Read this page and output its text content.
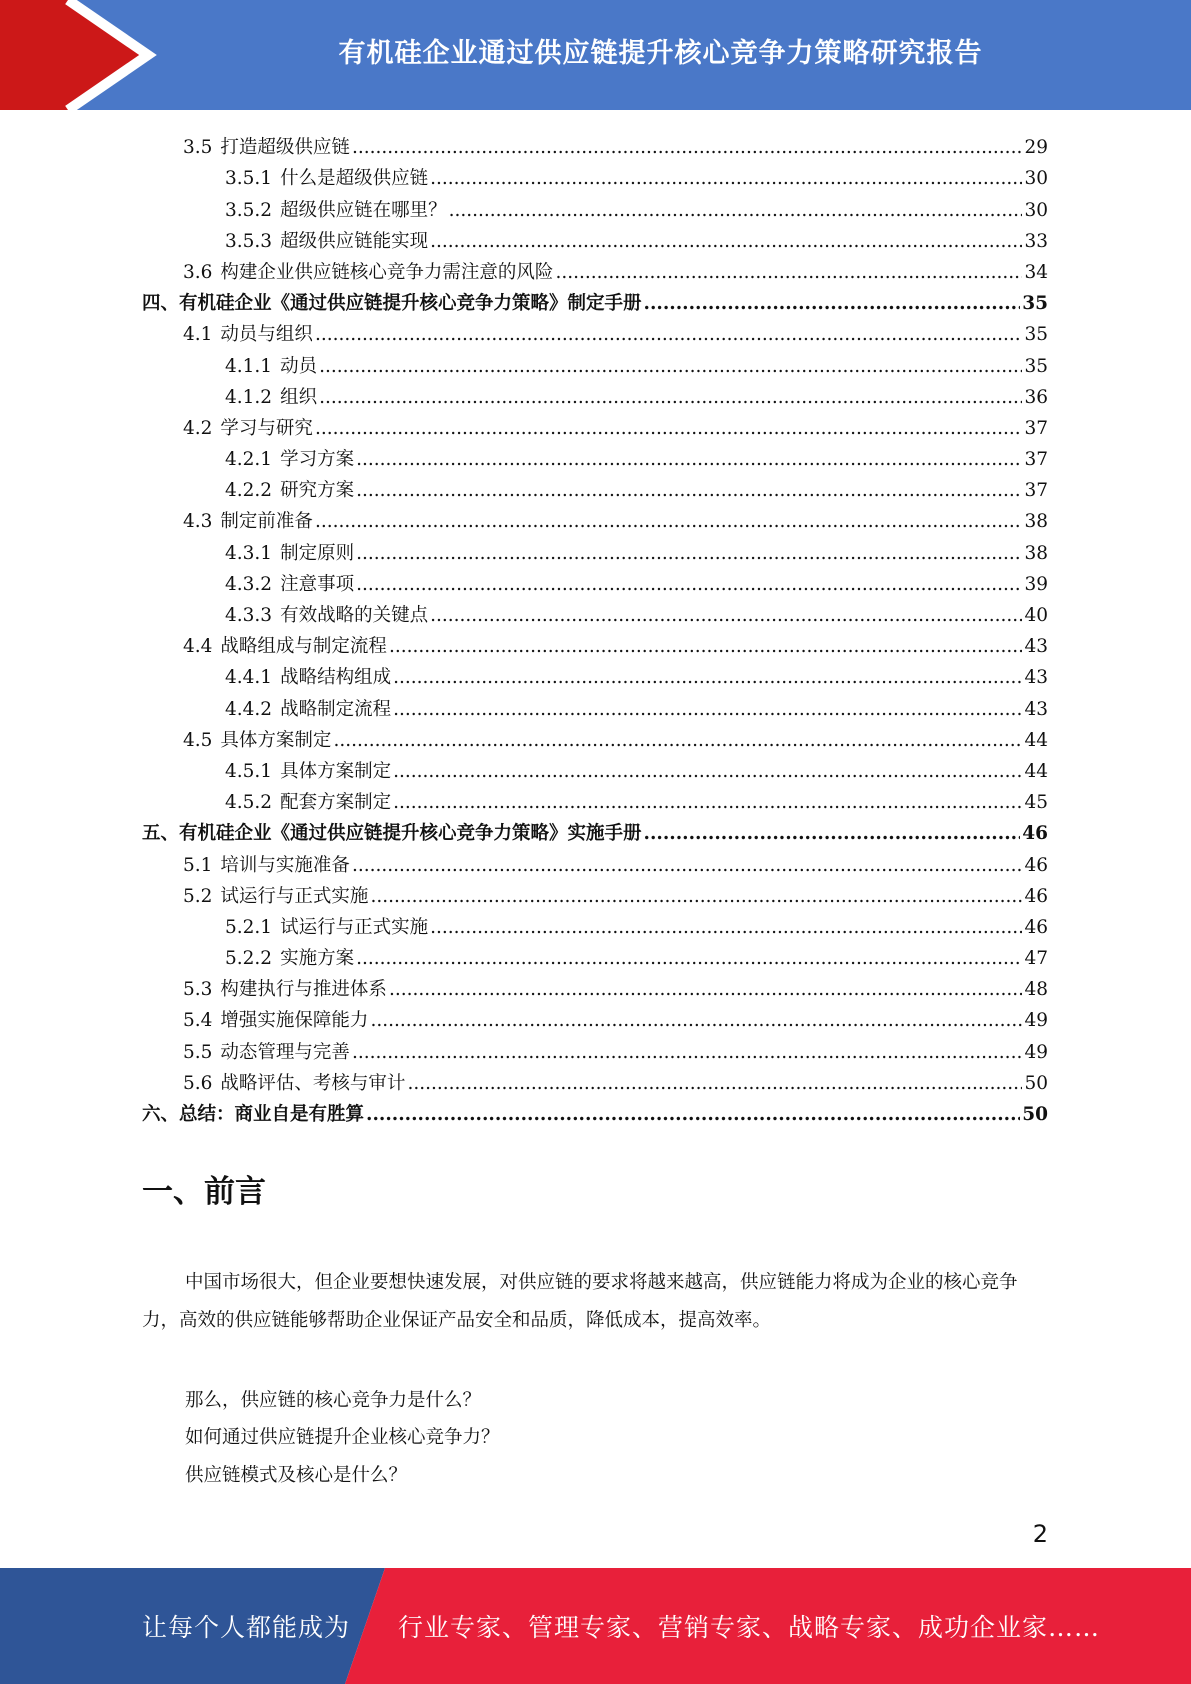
有机硅企业通过供应链提升核心竞争力策略研究报告
3.5 打造超级供应链 .....	29
3.5.1 什么是超级供应链 .....	30
3.5.2 超级供应链在哪里？ .....	30
3.5.3 超级供应链能实现 .....	33
3.6 构建企业供应链核心竞争力需注意的风险 .....	34
四、有机硅企业《通过供应链提升核心竞争力策略》制定手册 .....	35
4.1 动员与组织 .....	35
4.1.1 动员 .....	35
4.1.2 组织 .....	36
4.2 学习与研究 .....	37
4.2.1 学习方案 .....	37
4.2.2 研究方案 .....	37
4.3 制定前准备 .....	38
4.3.1 制定原则 .....	38
4.3.2 注意事项 .....	39
4.3.3 有效战略的关键点 .....	40
4.4 战略组成与制定流程 .....	43
4.4.1 战略结构组成 .....	43
4.4.2 战略制定流程 .....	43
4.5 具体方案制定 .....	44
4.5.1 具体方案制定 .....	44
4.5.2 配套方案制定 .....	45
五、有机硅企业《通过供应链提升核心竞争力策略》实施手册 .....	46
5.1 培训与实施准备 .....	46
5.2 试运行与正式实施 .....	46
5.2.1 试运行与正式实施 .....	46
5.2.2 实施方案 .....	47
5.3 构建执行与推进体系 .....	48
5.4 增强实施保障能力 .....	49
5.5 动态管理与完善 .....	49
5.6 战略评估、考核与审计 .....	50
六、总结：商业自是有胜算 .....	50
一、前言

中国市场很大，但企业要想快速发展，对供应链的要求将越来越高，供应链能力将成为企业的核心竞争力，高效的供应链能够帮助企业保证产品安全和品质，降低成本，提高效率。

那么，供应链的核心竞争力是什么？

如何通过供应链提升企业核心竞争力？

供应链模式及核心是什么？

2
让每个人都能成为 行业专家、管理专家、营销专家、战略专家、成功企业家……
